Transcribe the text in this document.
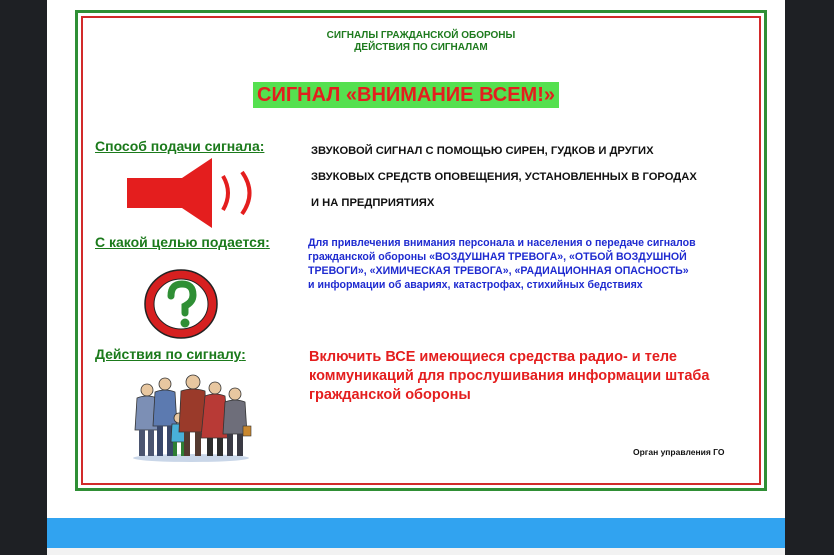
СИГНАЛЫ ГРАЖДАНСКОЙ ОБОРОНЫ
ДЕЙСТВИЯ ПО СИГНАЛАМ
СИГНАЛ «ВНИМАНИЕ ВСЕМ!»
Способ подачи сигнала:	ЗВУКОВОЙ СИГНАЛ С ПОМОЩЬЮ СИРЕН, ГУДКОВ И ДРУГИХ
ЗВУКОВЫХ СРЕДСТВ ОПОВЕЩЕНИЯ, УСТАНОВЛЕННЫХ В ГОРОДАХ
И НА ПРЕДПРИЯТИЯХ
С какой целью подается:	Для привлечения внимания персонала и населения о передаче сигналов
гражданской обороны «ВОЗДУШНАЯ ТРЕВОГА», «ОТБОЙ ВОЗДУШНОЙ
ТРЕВОГИ», «ХИМИЧЕСКАЯ ТРЕВОГА», «РАДИАЦИОННАЯ ОПАСНОСТЬ»
и информации об авариях, катастрофах, стихийных бедствиях
Действия по сигналу:	Включить ВСЕ имеющиеся средства радио- и теле
коммуникаций для прослушивания информации штаба
гражданской обороны
Орган управления ГО
